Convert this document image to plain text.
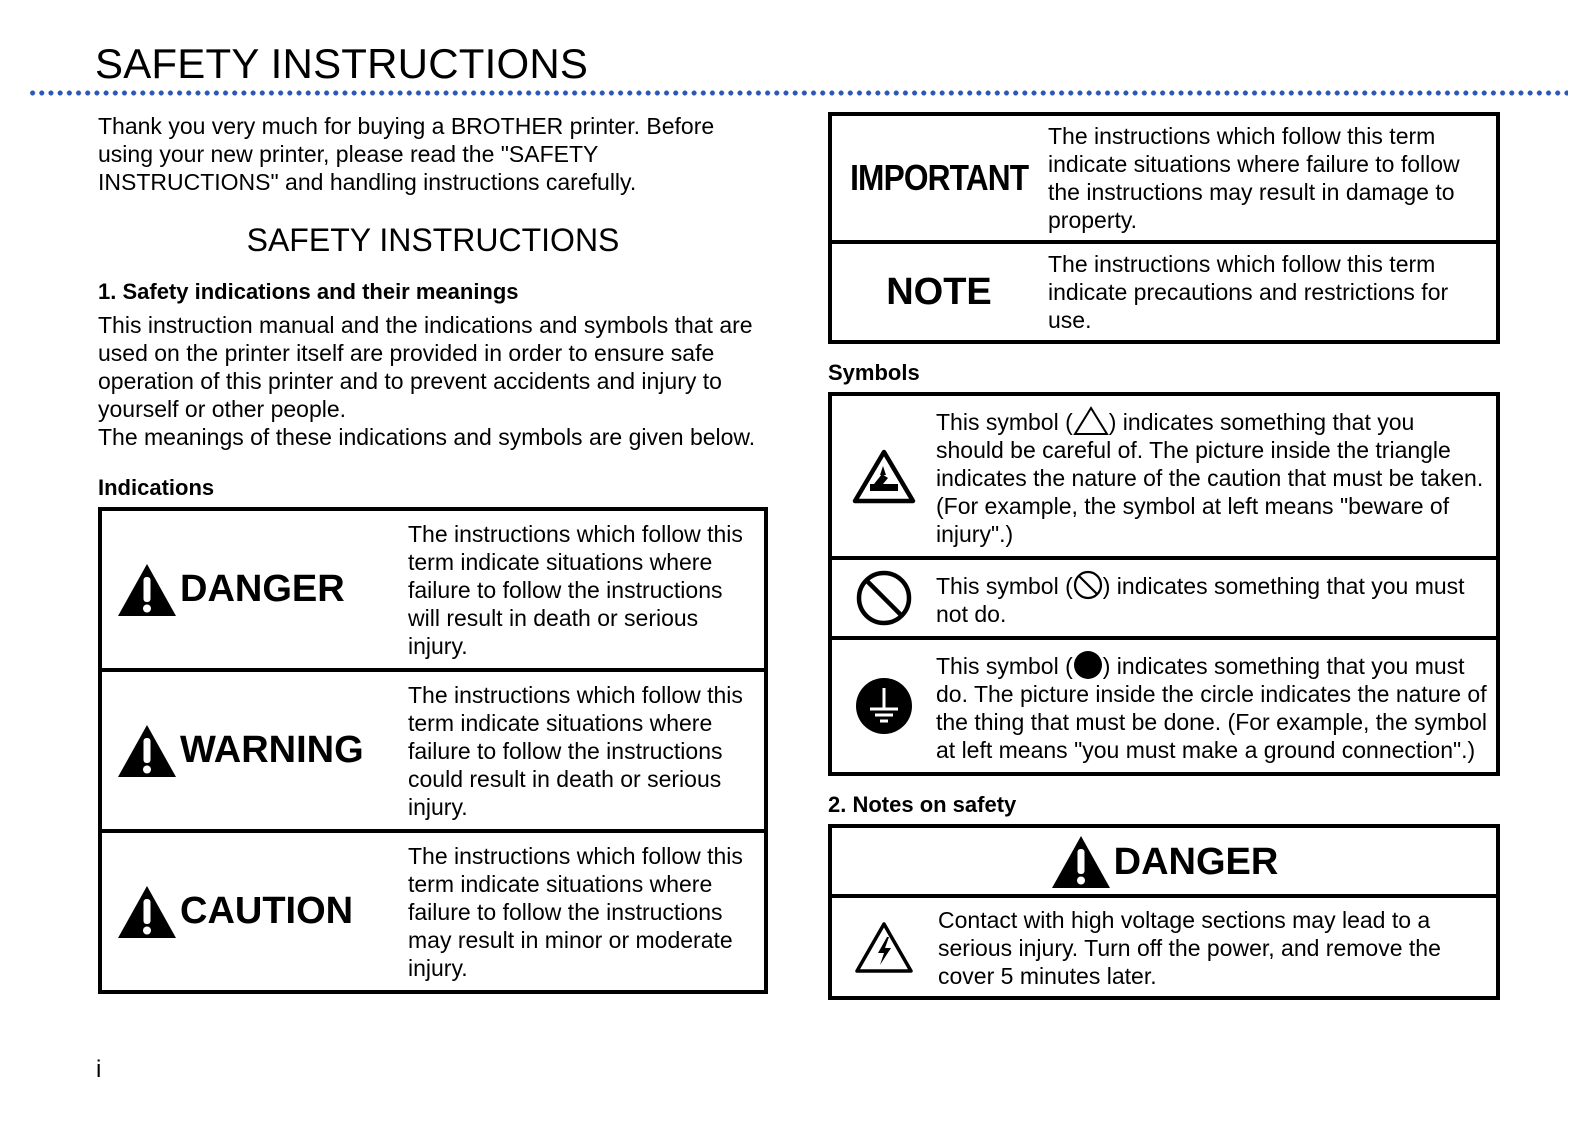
SAFETY INSTRUCTIONS

Thank you very much for buying a BROTHER printer. Before using your new printer, please read the "SAFETY INSTRUCTIONS" and handling instructions carefully.

SAFETY INSTRUCTIONS
1. Safety indications and their meanings

This instruction manual and the indications and symbols that are used on the printer itself are provided in order to ensure safe operation of this printer and to prevent accidents and injury to yourself or other people.

The meanings of these indications and symbols are given below.

Indications
DANGER
The instructions which follow this term indicate situations where failure to follow the instructions will result in death or serious injury.
WARNING
The instructions which follow this term indicate situations where failure to follow the instructions could result in death or serious injury.
CAUTION
The instructions which follow this term indicate situations where failure to follow the instructions may result in minor or moderate injury.
IMPORTANT
The instructions which follow this term indicate situations where failure to follow the instructions may result in damage to property.
NOTE
The instructions which follow this term indicate precautions and restrictions for use.
Symbols
This symbol ( ) indicates something that you should be careful of. The picture inside the triangle indicates the nature of the caution that must be taken. (For example, the symbol at left means "beware of injury".)
This symbol ( ) indicates something that you must not do.
This symbol ( ) indicates something that you must do. The picture inside the circle indicates the nature of the thing that must be done. (For example, the symbol at left means "you must make a ground connection".)
2. Notes on safety
DANGER
Contact with high voltage sections may lead to a serious injury. Turn off the power, and remove the cover 5 minutes later.
i
